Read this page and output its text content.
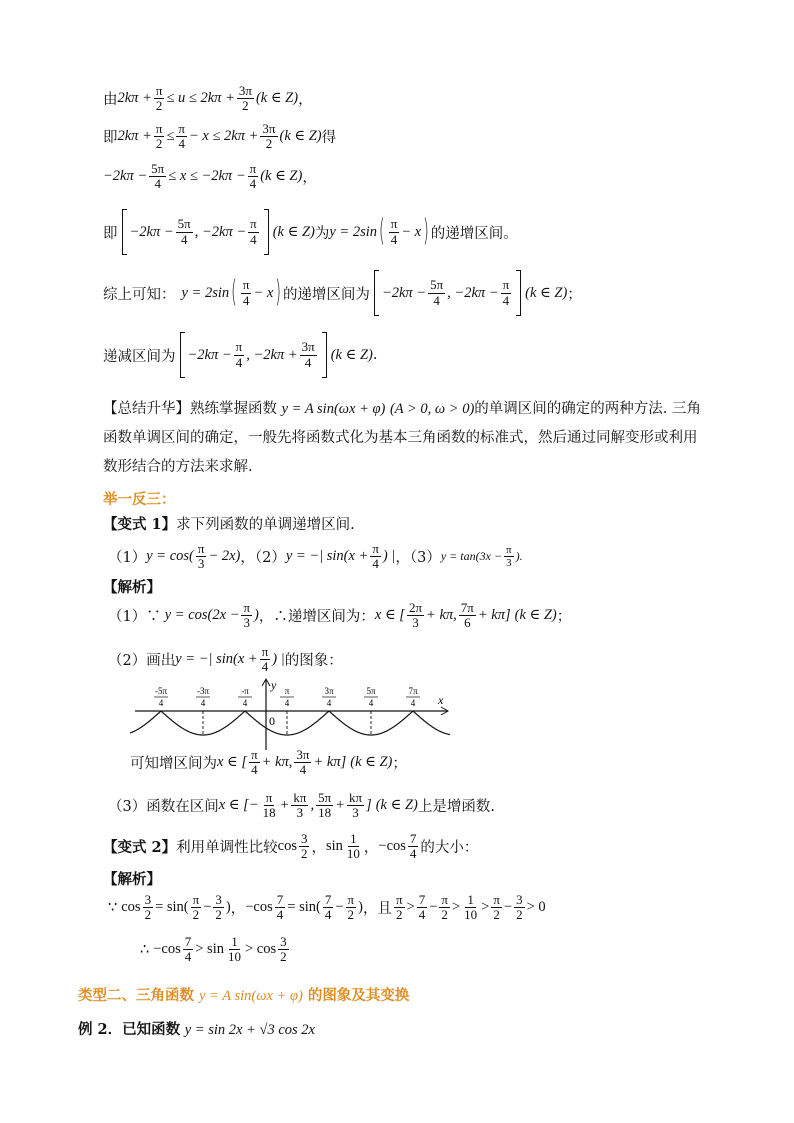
由 $2k\pi + \frac{\pi}{2} \le u \le 2k\pi + \frac{3\pi}{2} (k$ ∈ Z) ，
即 $2k\pi + \frac{\pi}{2} \le \frac{\pi}{4} - x \le 2k\pi + \frac{3\pi}{2} (k$ ∈ Z) 得
$-2k\pi - \frac{5\pi}{4} \le x \le -2k\pi - \frac{\pi}{4} (k$ ∈ Z) ，
即 $-2k\pi - \frac{5\pi}{4}$ , $-2k\pi - \frac{\pi}{4} (k$ ∈ Z) 为 y = 2sin ( $\frac{\pi}{4} - x$ ) 的递增区间。
综上可知： y = 2sin ( $\frac{\pi}{4} - x$ ) 的递增区间为 $-2k\pi - \frac{5\pi}{4}$ , $-2k\pi - \frac{\pi}{4} (k$ ∈ Z) ；
递减区间为 $-2k\pi - \frac{\pi}{4}$ , $-2k\pi + \frac{3\pi}{4} (k$ ∈ Z) .
【总结升华】熟练掌握函数 y = A sin(ωx + φ) (A > 0, ω > 0)的单调区间的确定的两种方法. 三角函数单调区间的确定，一般先将函数式化为基本三角函数的标准式，然后通过同解变形或利用数形结合的方法来求解.
举一反三：
【变式 1】求下列函数的单调递增区间.
（1） $y = \cos( \frac{\pi}{3} - 2x)$ ，（2） y = −| $\sin(x + \frac{\pi}{4}$ ) | ，（3） $y = \tan(3x - \frac{\pi}{3}$ ).
【解析】
（1）∵ $y = \cos(2x - \frac{\pi}{3}$ ) ，∴递增区间为： x ∈ [ $\frac{2\pi}{3} + k\pi$, $\frac{7\pi}{6} + k\pi$] (k ∈ Z) ；
（2）画出 y = −| $\sin(x + \frac{\pi}{4}$ ) | 的图象：
y
x
0
-5π
4
-3π
4
-π
4
π
4
3π
4
5π
4
7π
4
可知增区间为 x ∈ [ $\frac{\pi}{4} + k\pi$, $\frac{3\pi}{4} + k\pi$] (k ∈ Z) ；
（3）函数在区间 x ∈ [− $\frac{\pi}{18} + \frac{k\pi}{3}$ , $\frac{5\pi}{18} + \frac{k\pi}{3}$ ] (k ∈ Z) 上是增函数.
【变式 2】 利用单调性比较 $\cos \frac{3}{2}$ ， $\sin \frac{1}{10}$ ， $-\cos \frac{7}{4}$ 的大小：
【解析】
∵ $\cos \frac{3}{2} = \sin( \frac{\pi}{2} - \frac{3}{2}$ ) ， $-\cos \frac{7}{4} = \sin( \frac{7}{4} - \frac{\pi}{2}$ ) ，且 $\frac{\pi}{2} > \frac{7}{4} - \frac{\pi}{2} > \frac{1}{10} > \frac{\pi}{2} - \frac{3}{2} > 0$
∴ $-\cos \frac{7}{4} > \sin \frac{1}{10} > \cos \frac{3}{2}$
类型二、三角函数 y = A sin(ωx + φ) 的图象及其变换
例 2．已知函数 y = sin 2x + √3 cos 2x
